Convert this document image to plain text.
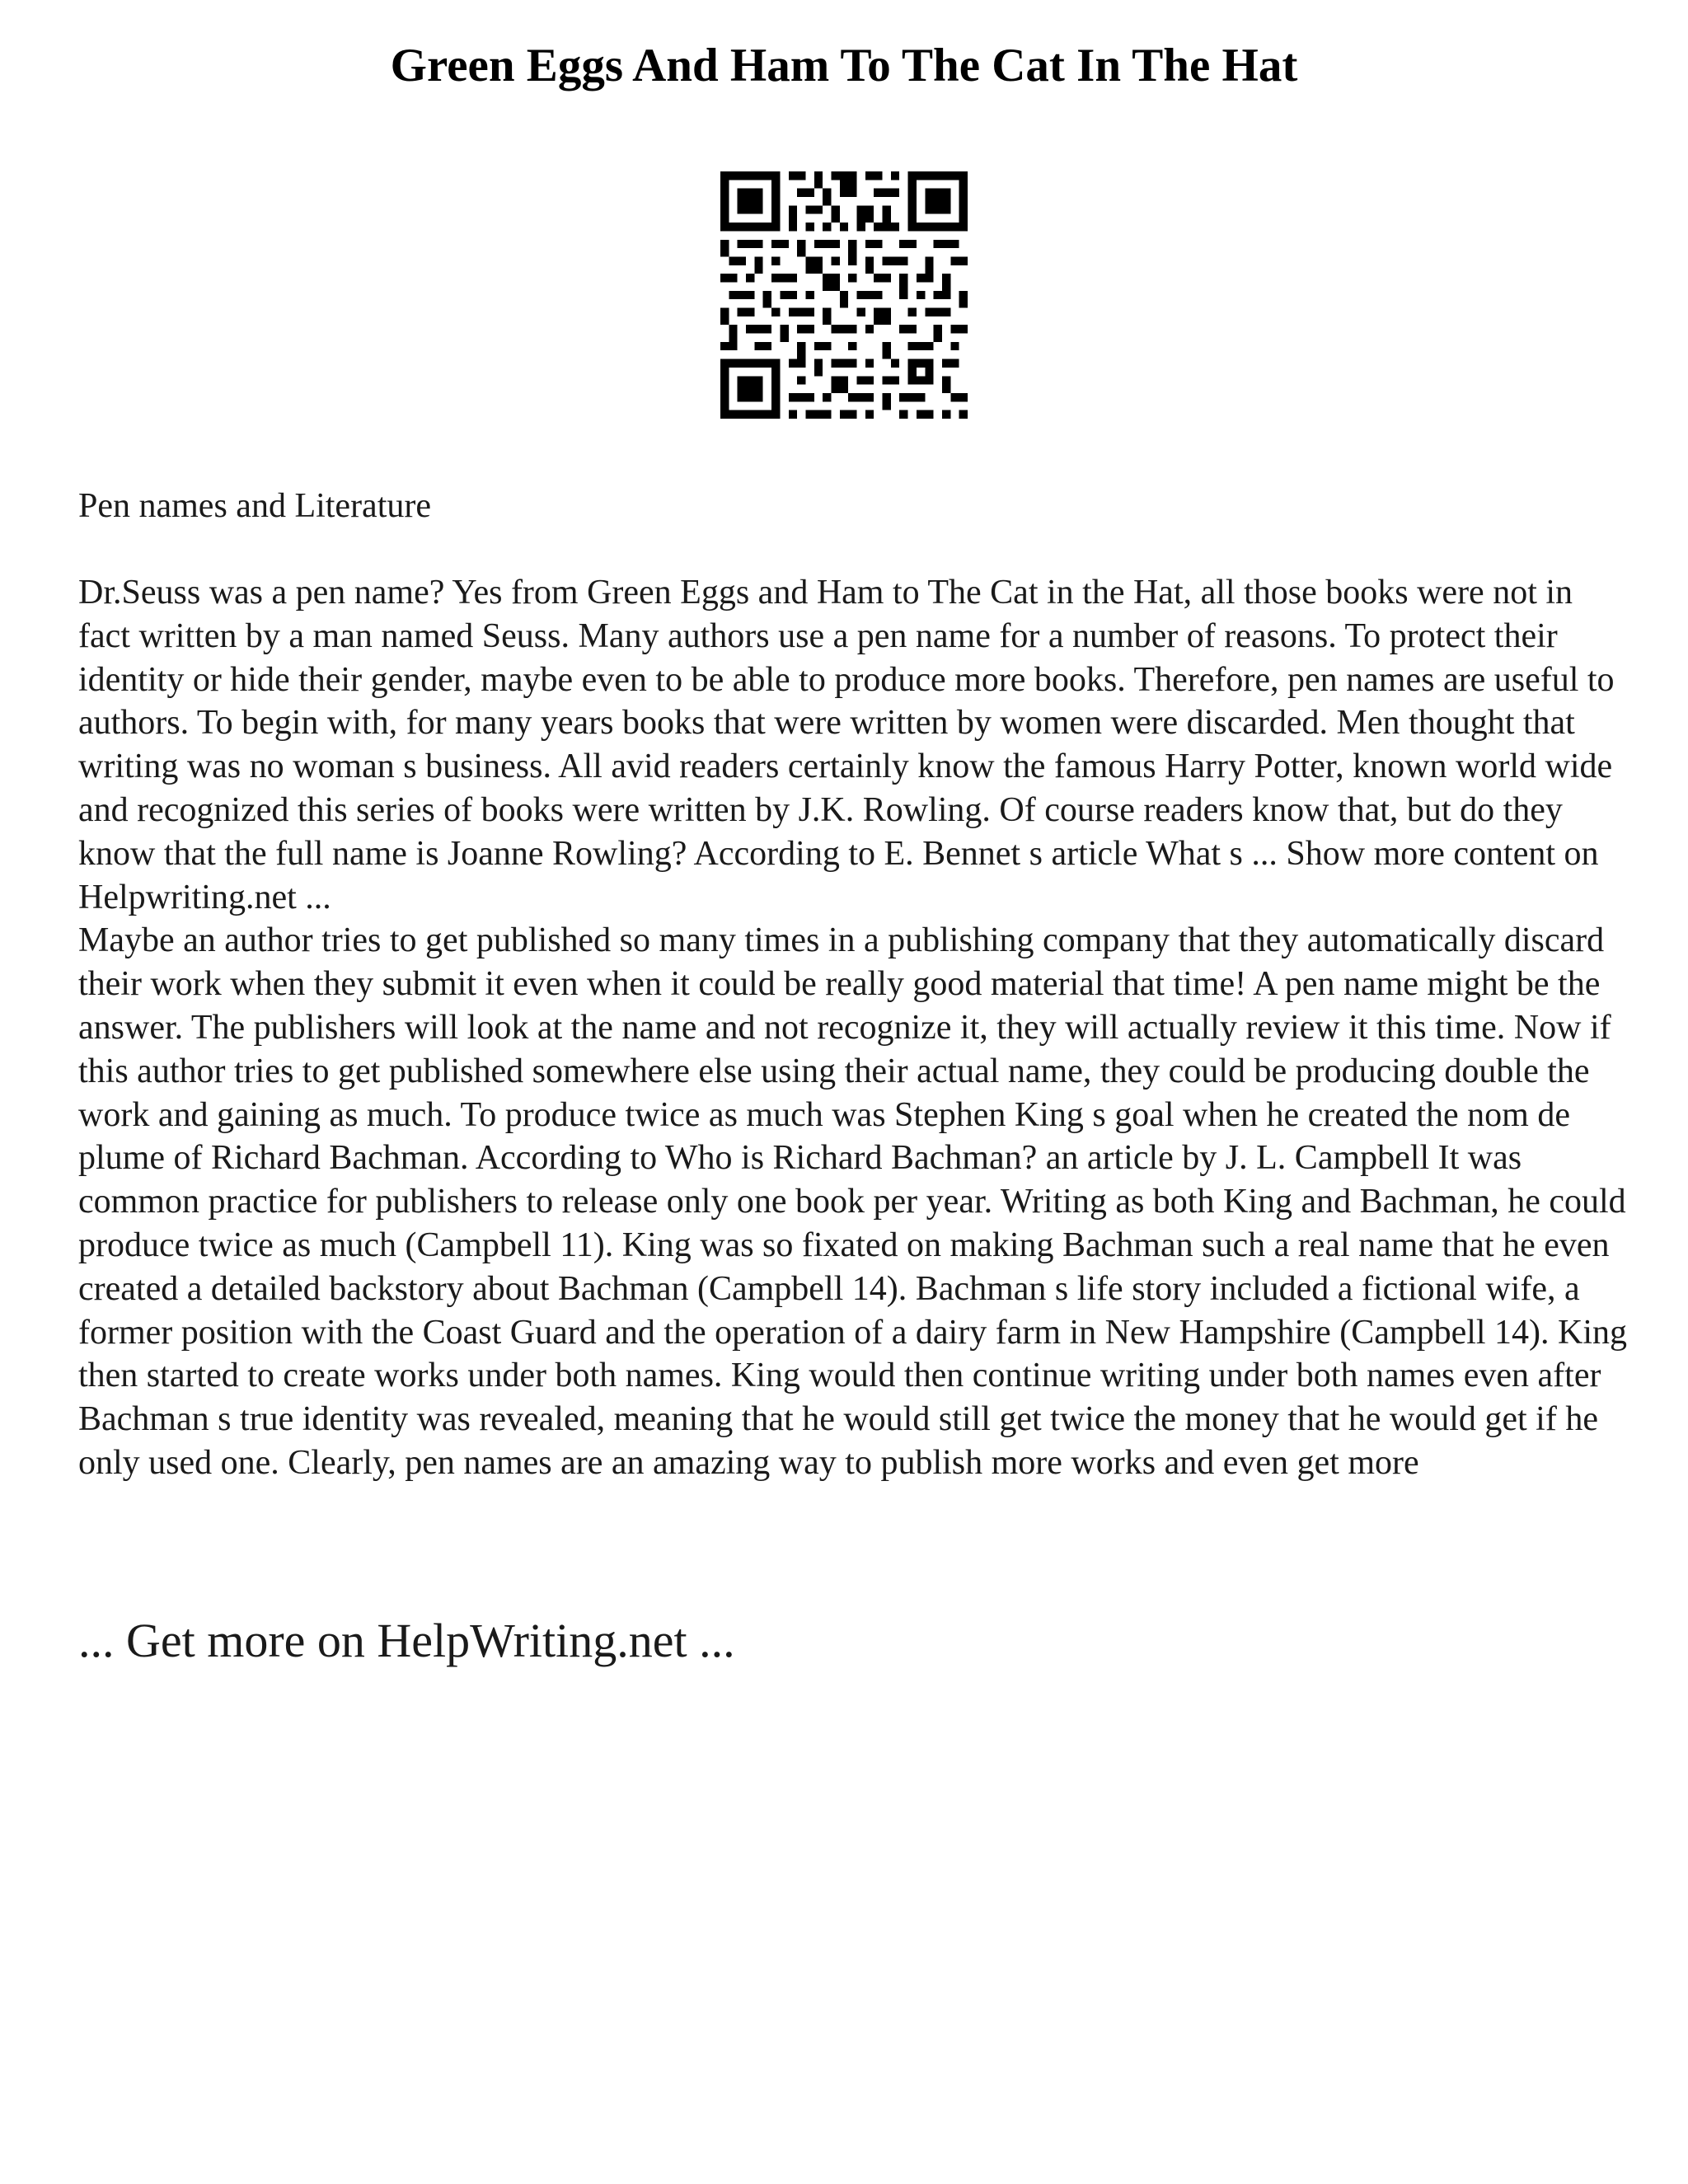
Green Eggs And Ham To The Cat In The Hat

Pen names and Literature

Dr.Seuss was a pen name? Yes from Green Eggs and Ham to The Cat in the Hat, all those books were not in fact written by a man named Seuss. Many authors use a pen name for a number of reasons. To protect their identity or hide their gender, maybe even to be able to produce more books. Therefore, pen names are useful to authors. To begin with, for many years books that were written by women were discarded. Men thought that writing was no woman s business. All avid readers certainly know the famous Harry Potter, known world wide and recognized this series of books were written by J.K. Rowling. Of course readers know that, but do they know that the full name is Joanne Rowling? According to E. Bennet s article What s ... Show more content on Helpwriting.net ...

Maybe an author tries to get published so many times in a publishing company that they automatically discard their work when they submit it even when it could be really good material that time! A pen name might be the answer. The publishers will look at the name and not recognize it, they will actually review it this time. Now if this author tries to get published somewhere else using their actual name, they could be producing double the work and gaining as much. To produce twice as much was Stephen King s goal when he created the nom de plume of Richard Bachman. According to Who is Richard Bachman? an article by J. L. Campbell It was common practice for publishers to release only one book per year. Writing as both King and Bachman, he could produce twice as much (Campbell 11). King was so fixated on making Bachman such a real name that he even created a detailed backstory about Bachman (Campbell 14). Bachman s life story included a fictional wife, a former position with the Coast Guard and the operation of a dairy farm in New Hampshire (Campbell 14). King then started to create works under both names. King would then continue writing under both names even after Bachman s true identity was revealed, meaning that he would still get twice the money that he would get if he only used one. Clearly, pen names are an amazing way to publish more works and even get more

... Get more on HelpWriting.net ...
